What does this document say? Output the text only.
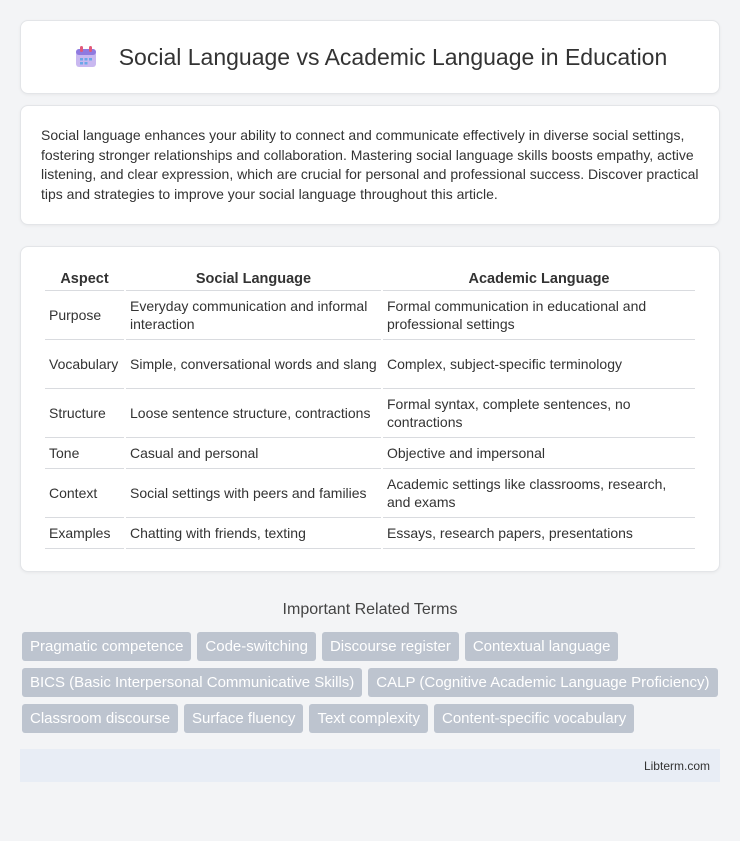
Social Language vs Academic Language in Education

Social language enhances your ability to connect and communicate effectively in diverse social settings, fostering stronger relationships and collaboration. Mastering social language skills boosts empathy, active listening, and clear expression, which are crucial for personal and professional success. Discover practical tips and strategies to improve your social language throughout this article.

Aspect	Social Language	Academic Language
Purpose	Everyday communication and informal interaction	Formal communication in educational and professional settings
Vocabulary	Simple, conversational words and slang	Complex, subject-specific terminology
Structure	Loose sentence structure, contractions	Formal syntax, complete sentences, no contractions
Tone	Casual and personal	Objective and impersonal
Context	Social settings with peers and families	Academic settings like classrooms, research, and exams
Examples	Chatting with friends, texting	Essays, research papers, presentations
Important Related Terms
Pragmatic competence	Code-switching	Discourse register	Contextual language
BICS (Basic Interpersonal Communicative Skills)	CALP (Cognitive Academic Language Proficiency)
Classroom discourse	Surface fluency	Text complexity	Content-specific vocabulary
Libterm.com
